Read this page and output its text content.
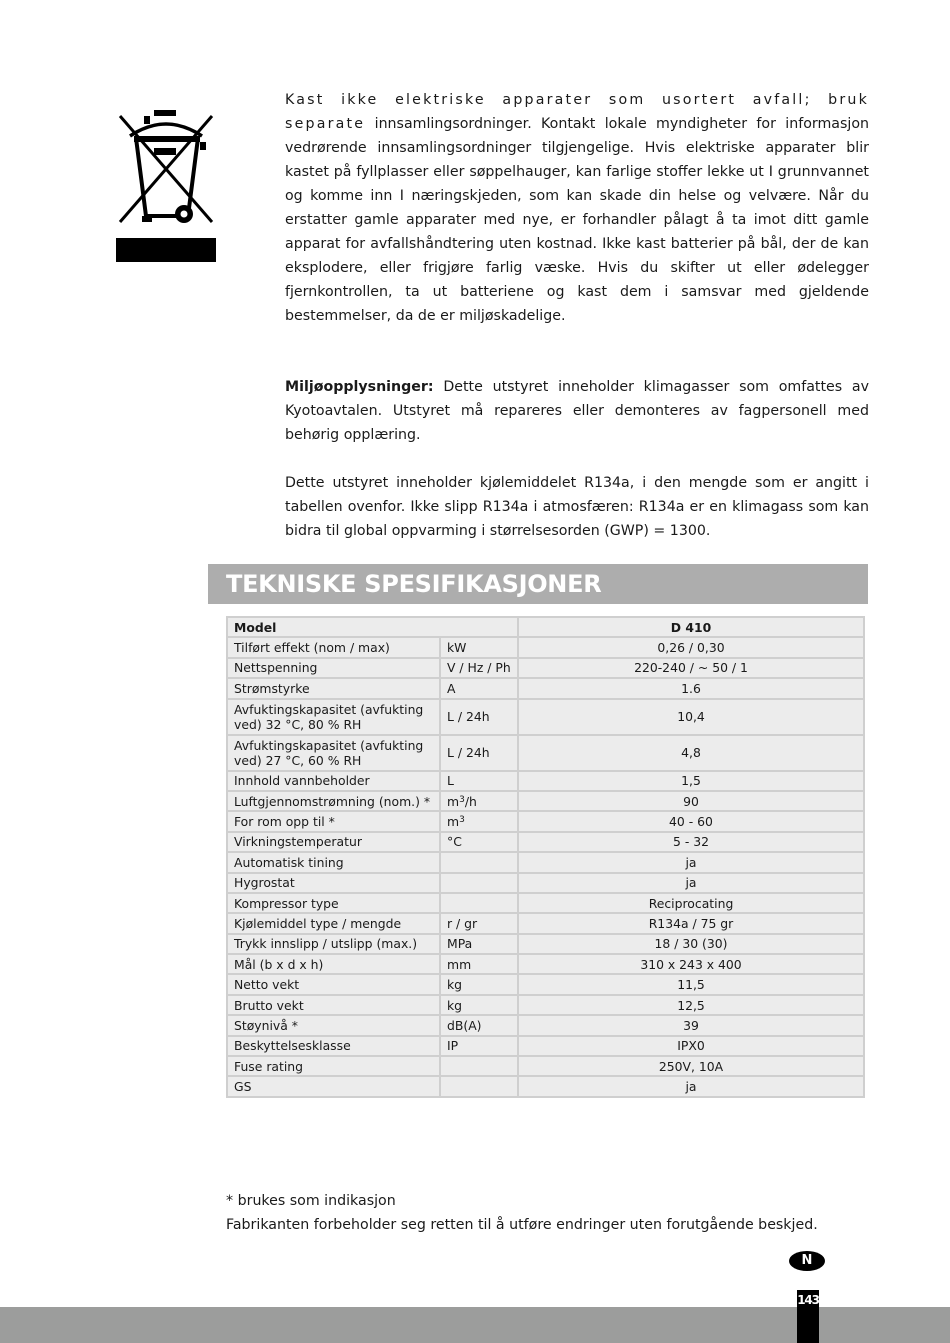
Kast ikke elektriske apparater som usortert avfall; bruk separate innsamlingsordninger. Kontakt lokale myndigheter for informasjon vedrørende innsamlingsordninger tilgjengelige. Hvis elektriske apparater blir kastet på fyllplasser eller søppelhauger, kan farlige stoffer lekke ut I grunnvannet og komme inn I næringskjeden, som kan skade din helse og velvære. Når du erstatter gamle apparater med nye, er forhandler pålagt å ta imot ditt gamle apparat for avfallshåndtering uten kostnad. Ikke kast batterier på bål, der de kan eksplodere, eller frigjøre farlig væske. Hvis du skifter ut eller ødelegger fjernkontrollen, ta ut batteriene og kast dem i samsvar med gjeldende bestemmelser, da de er miljøskadelige.
Miljøopplysninger: Dette utstyret inneholder klimagasser som omfattes av Kyotoavtalen. Utstyret må repareres eller demonteres av fagpersonell med behørig opplæring.
Dette utstyret inneholder kjølemiddelet R134a, i den mengde som er angitt i tabellen ovenfor. Ikke slipp R134a i atmosfæren: R134a er en klimagass som kan bidra til global oppvarming i størrelsesorden (GWP) = 1300.
TEKNISKE SPESIFIKASJONER
Model		D 410
Tilført effekt (nom / max)	kW	0,26 / 0,30
Nettspenning	V / Hz / Ph	220-240 / ~ 50 / 1
Strømstyrke	A	1.6
Avfuktingskapasitet (avfukting ved) 32 °C, 80 % RH	L / 24h	10,4
Avfuktingskapasitet (avfukting ved) 27 °C, 60 % RH	L / 24h	4,8
Innhold vannbeholder	L	1,5
Luftgjennomstrømning (nom.) *	$m^3/h$	90
For rom opp til *	$m^3$	40 - 60
Virkningstemperatur	°C	5 - 32
Automatisk tining		ja
Hygrostat		ja
Kompressor type		Reciprocating
Kjølemiddel type / mengde	r / gr	R134a / 75 gr
Trykk innslipp / utslipp (max.)	MPa	18 / 30 (30)
Mål (b x d x h)	mm	310 x 243 x 400
Netto vekt	kg	11,5
Brutto vekt	kg	12,5
Støynivå *	dB(A)	39
Beskyttelsesklasse	IP	IPX0
Fuse rating		250V, 10A
GS		ja
* brukes som indikasjon
Fabrikanten forbeholder seg retten til å utføre endringer uten forutgående beskjed.
N
143
